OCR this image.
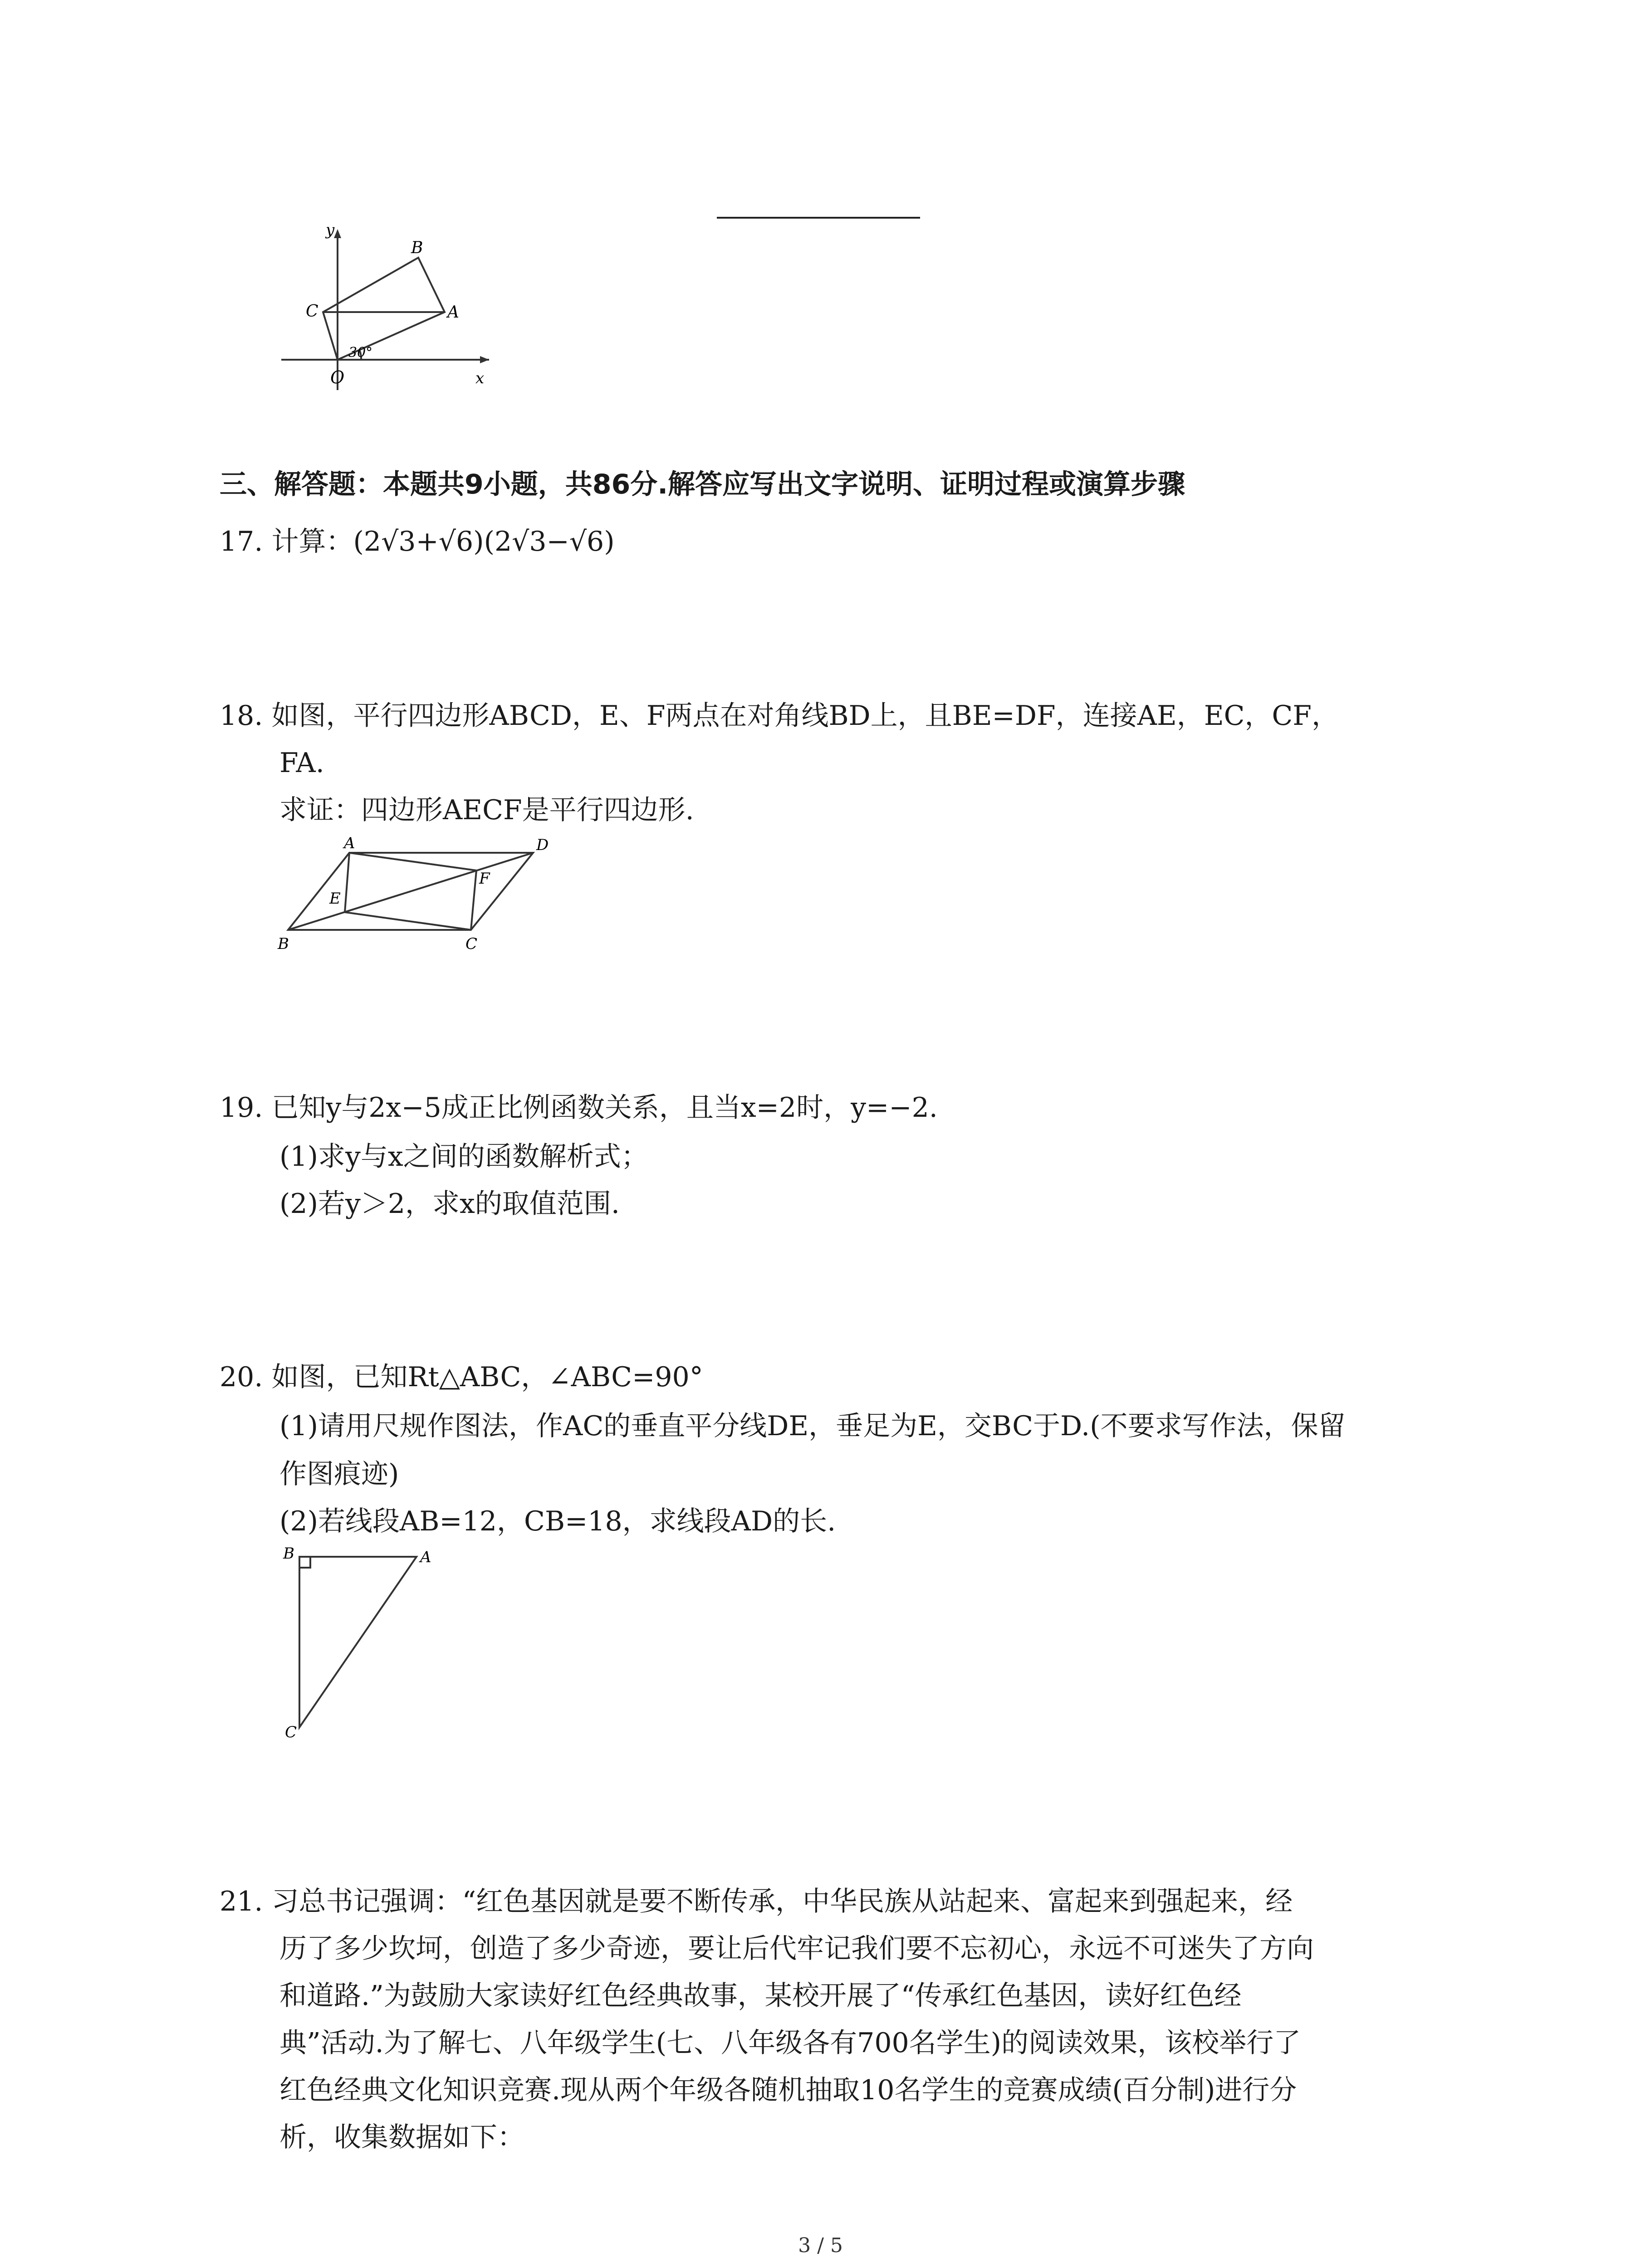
y
x
O
A
B
C
30°
三、解答题：本题共9小题，共86分.解答应写出文字说明、证明过程或演算步骤
17. 计算：(2√3+√6)(2√3−√6)
18. 如图，平行四边形ABCD，E、F两点在对角线BD上，且BE=DF，连接AE，EC，CF，
FA.
求证：四边形AECF是平行四边形.
A	D
B	C
E
F
19. 已知y与2x−5成正比例函数关系，且当x=2时，y=−2.
(1)求y与x之间的函数解析式；
(2)若y＞2，求x的取值范围.
20. 如图，已知Rt△ABC，∠ABC=90°
(1)请用尺规作图法，作AC的垂直平分线DE，垂足为E，交BC于D.(不要求写作法，保留
作图痕迹)
(2)若线段AB=12，CB=18，求线段AD的长.
B	A
C
21. 习总书记强调：“红色基因就是要不断传承，中华民族从站起来、富起来到强起来，经
历了多少坎坷，创造了多少奇迹，要让后代牢记我们要不忘初心，永远不可迷失了方向
和道路.”为鼓励大家读好红色经典故事，某校开展了“传承红色基因，读好红色经
典”活动.为了解七、八年级学生(七、八年级各有700名学生)的阅读效果，该校举行了
红色经典文化知识竞赛.现从两个年级各随机抽取10名学生的竞赛成绩(百分制)进行分
析，收集数据如下：
3 / 5
